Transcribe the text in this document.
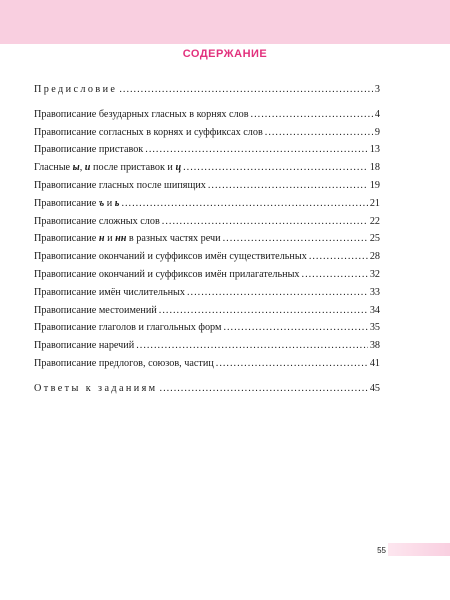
СОДЕРЖАНИЕ
Предисловие .....	3
Правописание безударных гласных в корнях слов .....	4
Правописание согласных в корнях и суффиксах слов .....	9
Правописание приставок .....	13
Гласные ы, и после приставок и ц .....	18
Правописание гласных после шипящих .....	19
Правописание ъ и ь .....	21
Правописание сложных слов .....	22
Правописание н и нн в разных частях речи .....	25
Правописание окончаний и суффиксов имён существительных .....	28
Правописание окончаний и суффиксов имён прилагательных .....	32
Правописание имён числительных .....	33
Правописание местоимений .....	34
Правописание глаголов и глагольных форм .....	35
Правописание наречий .....	38
Правописание предлогов, союзов, частиц .....	41
Ответы к заданиям .....	45
55
